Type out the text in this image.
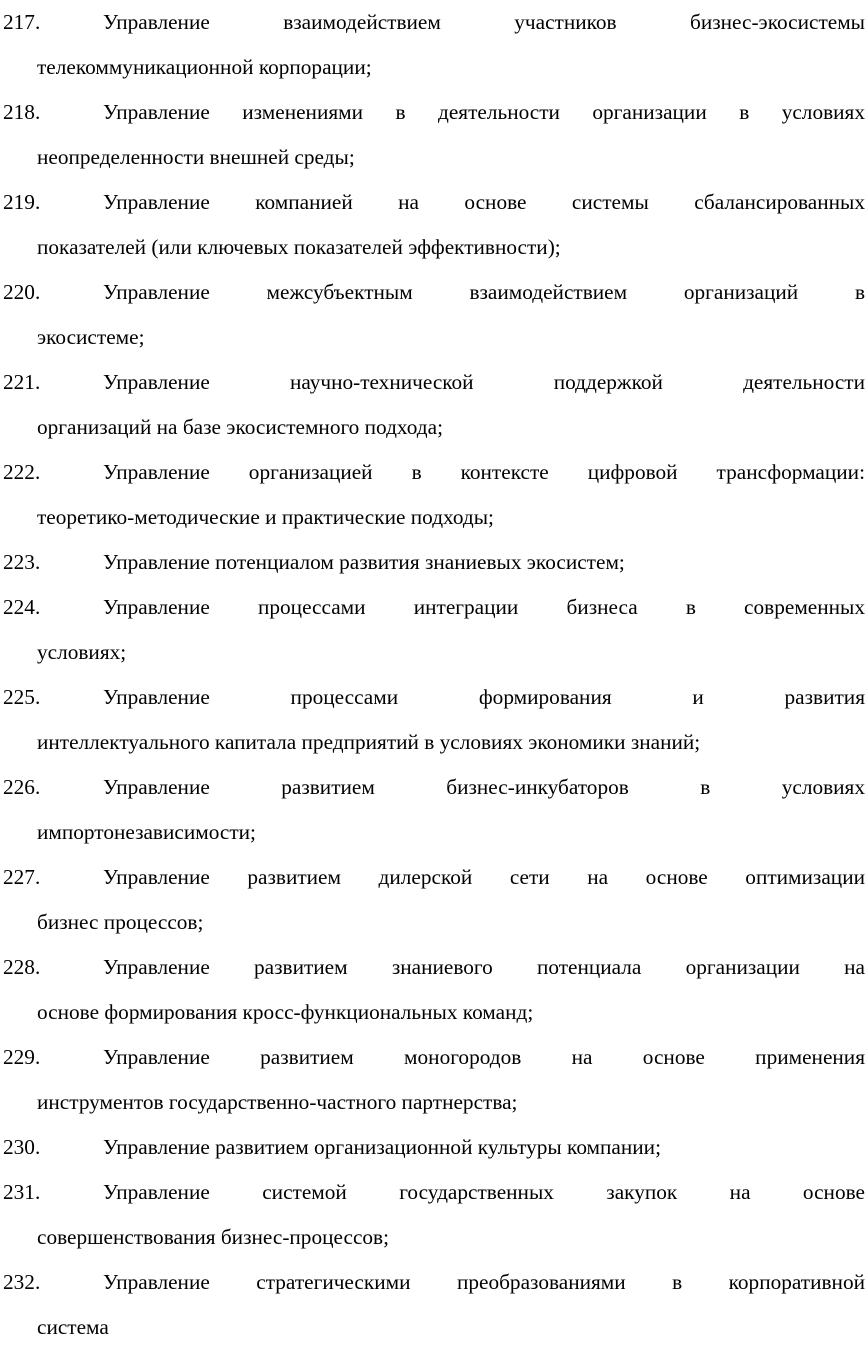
217.	Управление взаимодействием участников бизнес-экосистемы
телекоммуникационной корпорации;
218.	Управление изменениями в деятельности организации в условиях
неопределенности внешней среды;
219.	Управление компанией на основе системы сбалансированных
показателей (или ключевых показателей эффективности);
220.	Управление межсубъектным взаимодействием организаций в
экосистеме;
221.	Управление научно-технической поддержкой деятельности
организаций на базе экосистемного подхода;
222.	Управление организацией в контексте цифровой трансформации:
теоретико-методические и практические подходы;
223.	Управление потенциалом развития знаниевых экосистем;
224.	Управление процессами интеграции бизнеса в современных
условиях;
225.	Управление процессами формирования и развития
интеллектуального капитала предприятий в условиях экономики знаний;
226.	Управление развитием бизнес-инкубаторов в условиях
импортонезависимости;
227.	Управление развитием дилерской сети на основе оптимизации
бизнес процессов;
228.	Управление развитием знаниевого потенциала организации на
основе формирования кросс-функциональных команд;
229.	Управление развитием моногородов на основе применения
инструментов государственно-частного партнерства;
230.	Управление развитием организационной культуры компании;
231.	Управление системой государственных закупок на основе
совершенствования бизнес-процессов;
232.	Управление стратегическими преобразованиями в корпоративной
система
